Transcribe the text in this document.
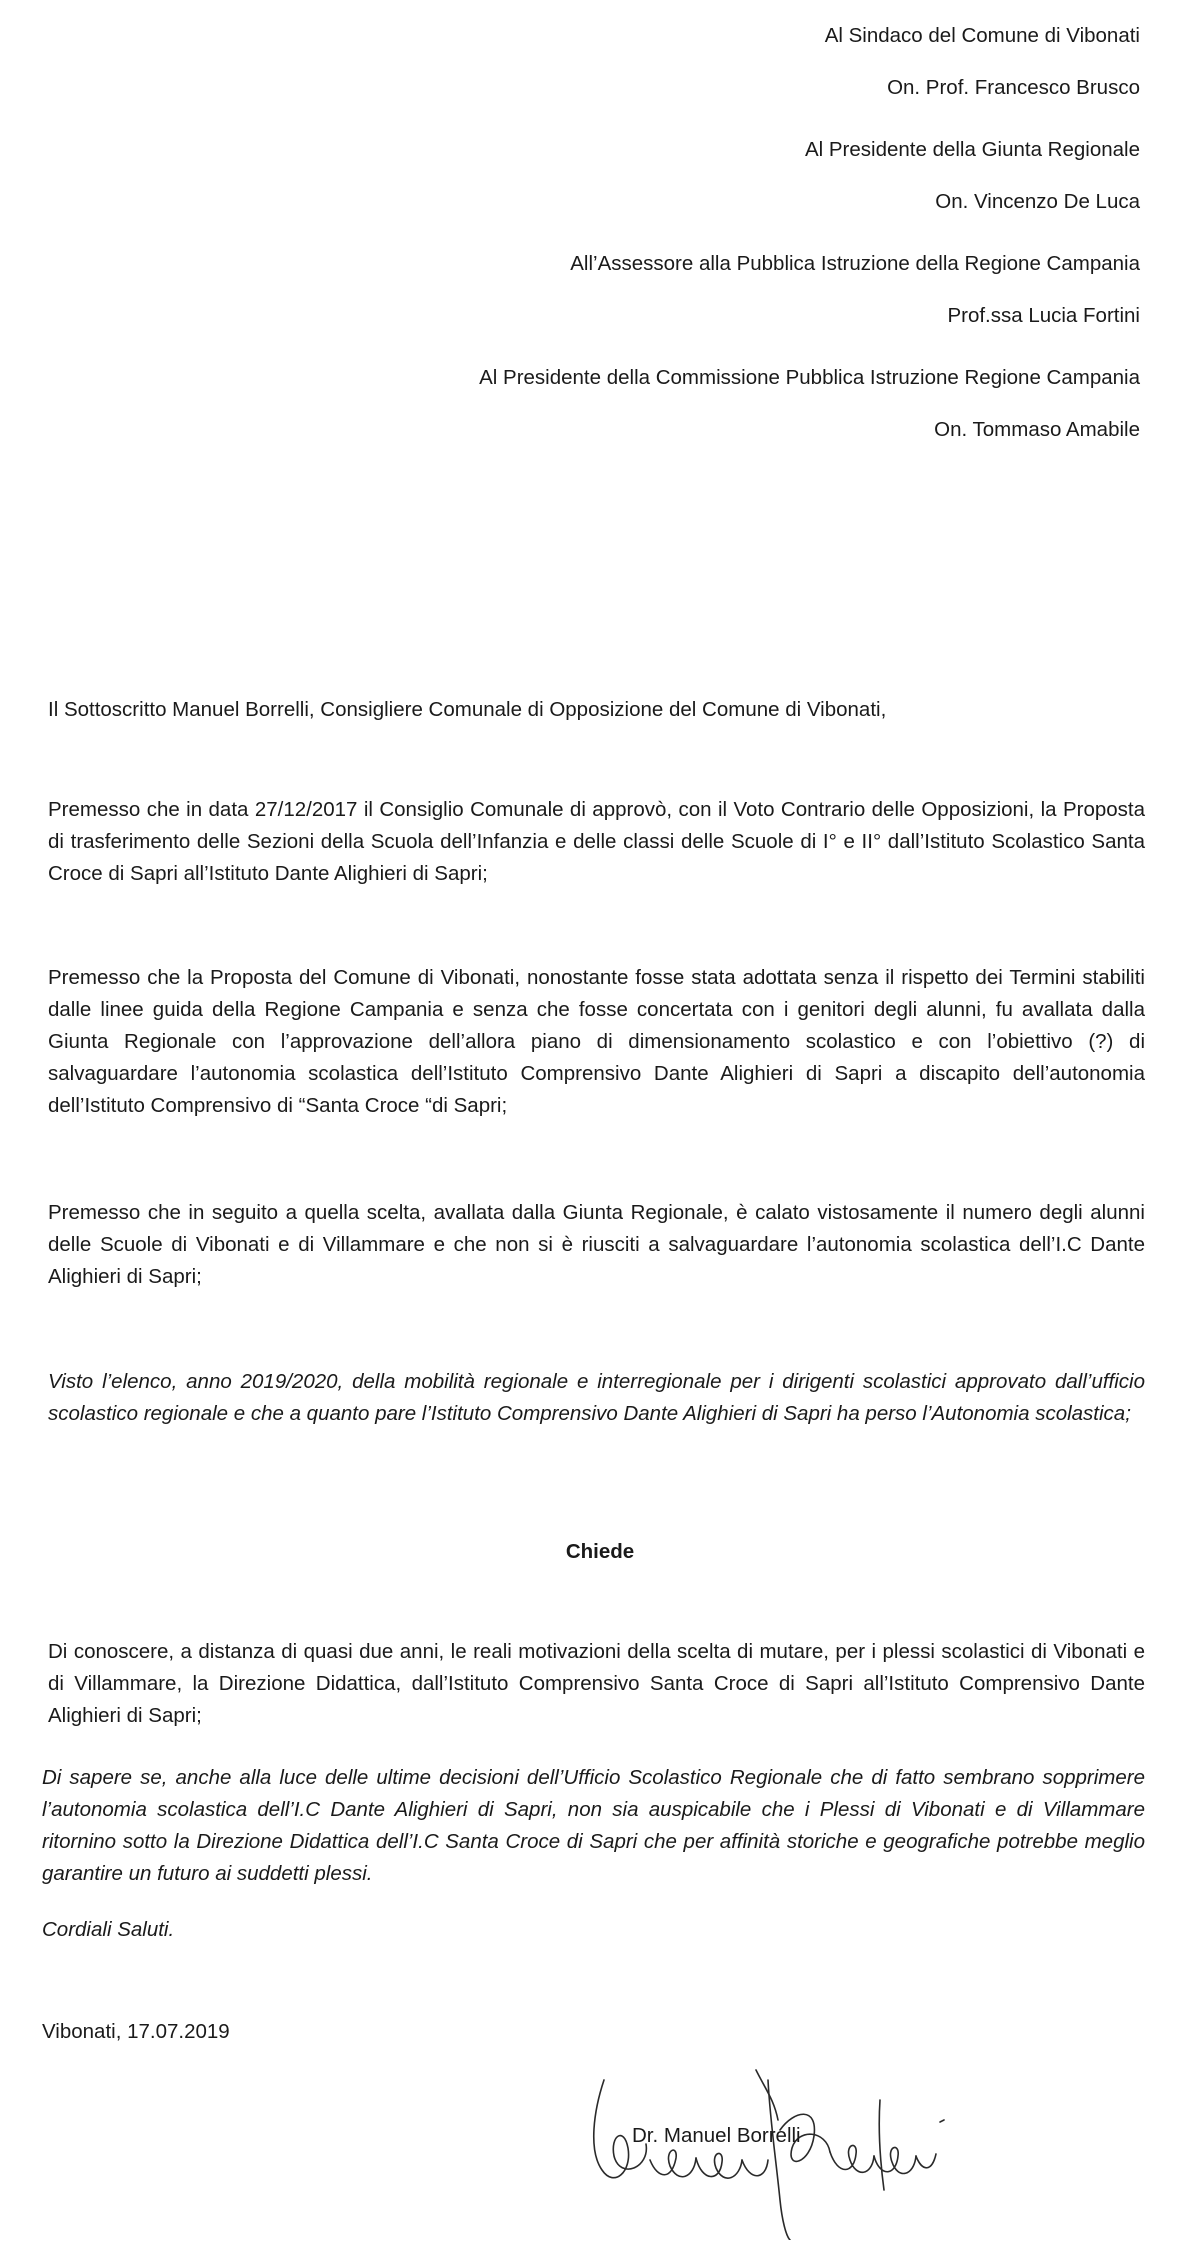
Al Sindaco del Comune di Vibonati

On. Prof. Francesco Brusco

Al Presidente della Giunta Regionale

On. Vincenzo De Luca

All’Assessore alla Pubblica Istruzione della Regione Campania

Prof.ssa Lucia Fortini

Al Presidente della Commissione Pubblica Istruzione Regione Campania

On. Tommaso Amabile

Il Sottoscritto Manuel Borrelli, Consigliere Comunale di Opposizione del Comune di Vibonati,

Premesso che in data 27/12/2017 il Consiglio Comunale di approvò, con il Voto Contrario delle Opposizioni, la Proposta di trasferimento delle Sezioni della Scuola dell’Infanzia e delle classi delle Scuole di I° e II° dall’Istituto Scolastico Santa Croce di Sapri all’Istituto Dante Alighieri di Sapri;

Premesso che la Proposta del Comune di Vibonati, nonostante fosse stata adottata senza il rispetto dei Termini stabiliti dalle linee guida della Regione Campania e senza che fosse concertata con i genitori degli alunni, fu avallata dalla Giunta Regionale con l’approvazione dell’allora piano di dimensionamento scolastico e con l’obiettivo (?) di salvaguardare l’autonomia scolastica dell’Istituto Comprensivo Dante Alighieri di Sapri a discapito dell’autonomia dell’Istituto Comprensivo di “Santa Croce “di Sapri;

Premesso che in seguito a quella scelta, avallata dalla Giunta Regionale, è calato vistosamente il numero degli alunni delle Scuole di Vibonati e di Villammare e che non si è riusciti a salvaguardare l’autonomia scolastica dell’I.C Dante Alighieri di Sapri;

Visto l’elenco, anno 2019/2020, della mobilità regionale e interregionale per i dirigenti scolastici approvato dall’ufficio scolastico regionale e che a quanto pare l’Istituto Comprensivo Dante Alighieri di Sapri ha perso l’Autonomia scolastica;

Chiede

Di conoscere, a distanza di quasi due anni, le reali motivazioni della scelta di mutare, per i plessi scolastici di Vibonati e di Villammare, la Direzione Didattica, dall’Istituto Comprensivo Santa Croce di Sapri all’Istituto Comprensivo Dante Alighieri di Sapri;

Di sapere se, anche alla luce delle ultime decisioni dell’Ufficio Scolastico Regionale che di fatto sembrano sopprimere l’autonomia scolastica dell’I.C Dante Alighieri di Sapri, non sia auspicabile che i Plessi di Vibonati e di Villammare ritornino sotto la Direzione Didattica dell’I.C Santa Croce di Sapri che per affinità storiche e geografiche potrebbe meglio garantire un futuro ai suddetti plessi.

Cordiali Saluti.

Vibonati, 17.07.2019

Dr. Manuel Borrelli
